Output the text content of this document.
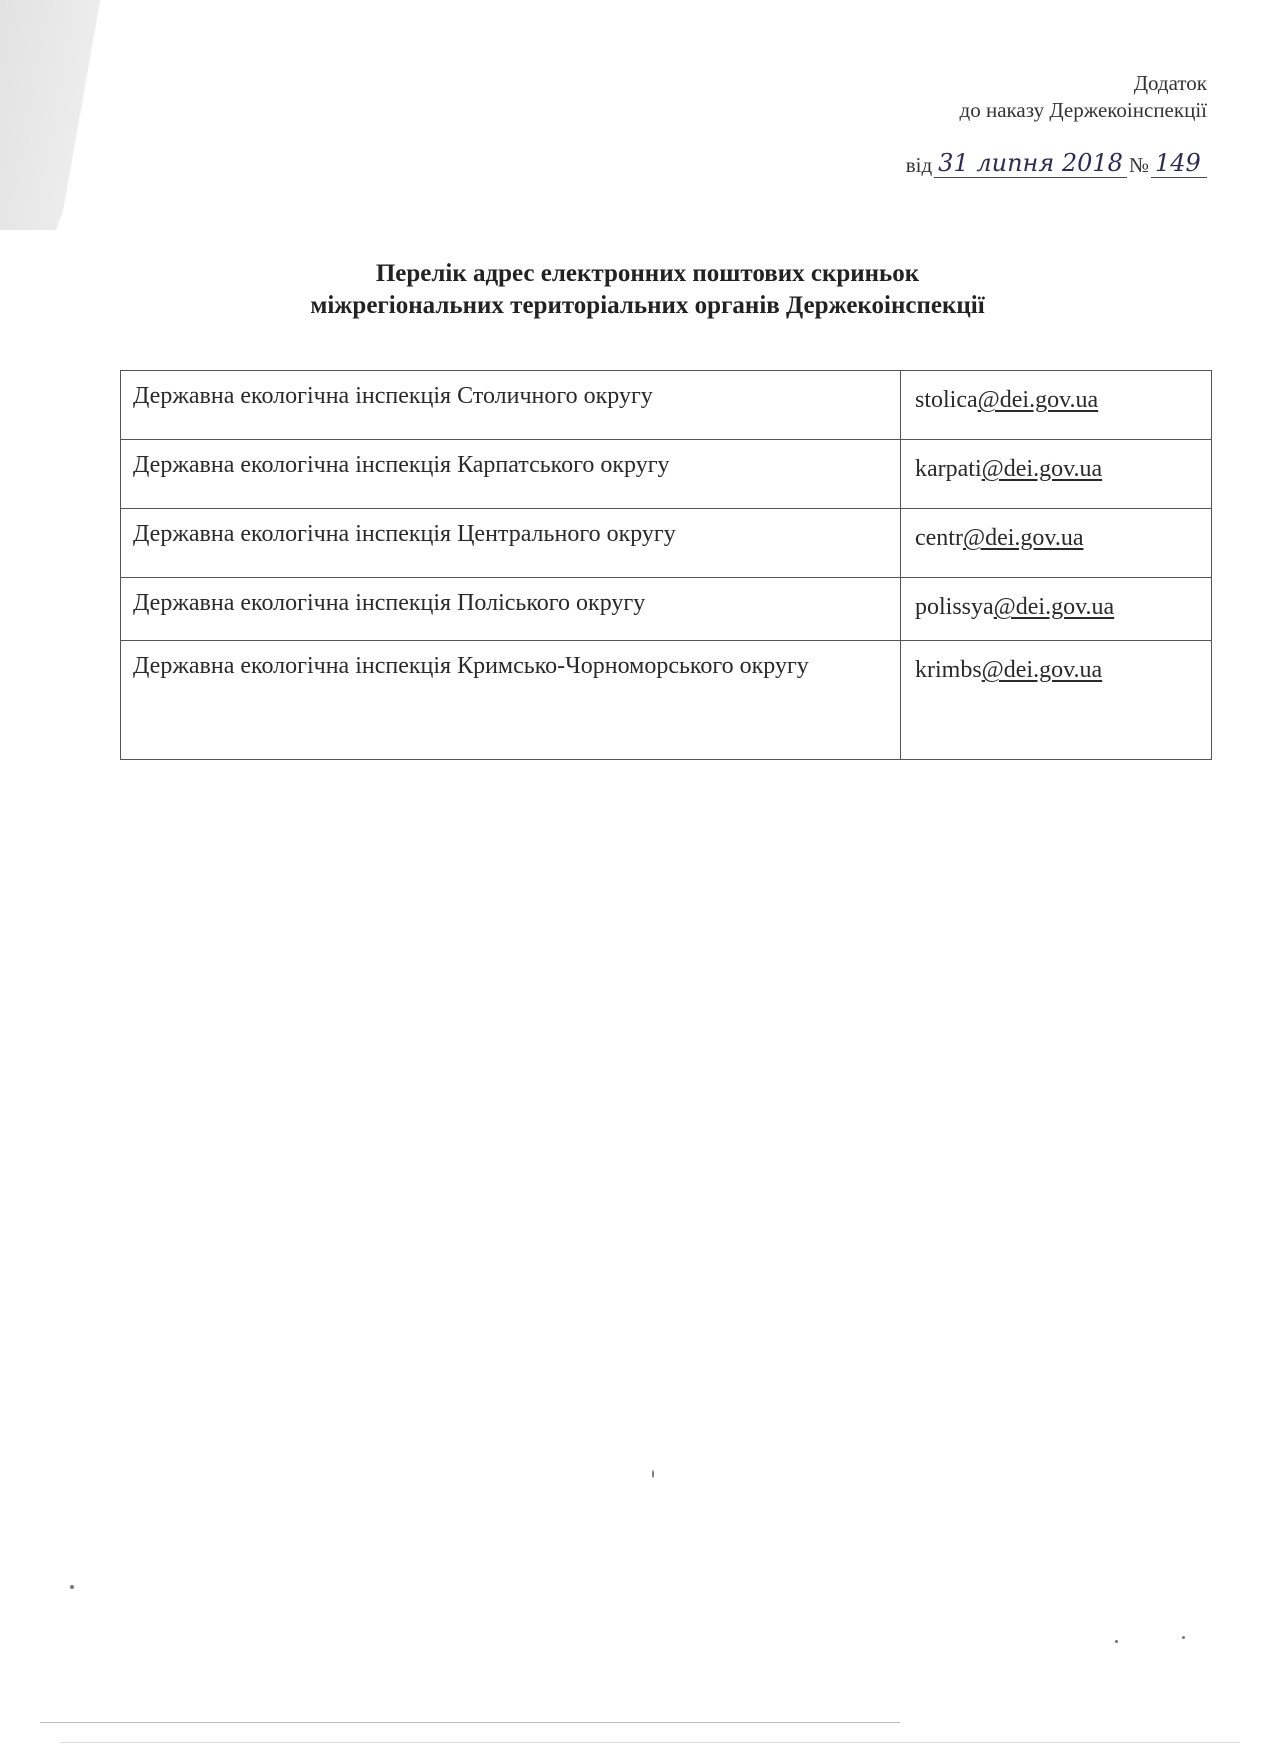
Додаток
до наказу Держекоінспекції
від 31 липня 2018 № 149
Перелік адрес електронних поштових скриньок
міжрегіональних територіальних органів Держекоінспекції
Державна екологічна інспекція Столичного округу	stolica@dei.gov.ua
Державна екологічна інспекція Карпатського округу	karpati@dei.gov.ua
Державна екологічна інспекція Центрального округу	centr@dei.gov.ua
Державна екологічна інспекція Поліського округу	polissya@dei.gov.ua
Державна екологічна інспекція Кримсько-Чорноморського округу	krimbs@dei.gov.ua
